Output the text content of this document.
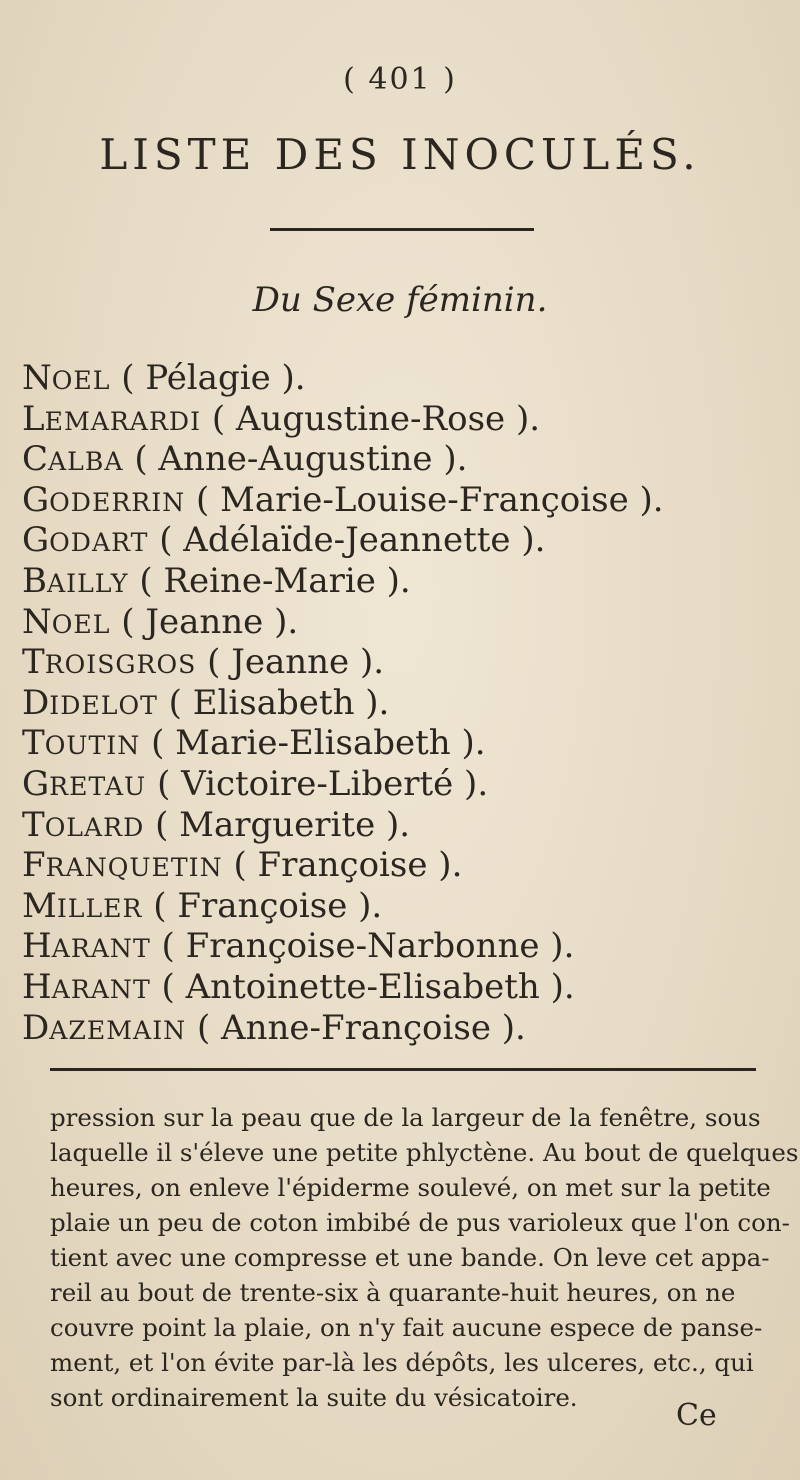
( 401 )
LISTE DES INOCULÉS.
Du Sexe féminin.
NOEL ( Pélagie ).
LEMARARDI ( Augustine-Rose ).
CALBA ( Anne-Augustine ).
GODERRIN ( Marie-Louise-Françoise ).
GODART ( Adélaïde-Jeannette ).
BAILLY ( Reine-Marie ).
NOEL ( Jeanne ).
TROISGROS ( Jeanne ).
DIDELOT ( Elisabeth ).
TOUTIN ( Marie-Elisabeth ).
GRETAU ( Victoire-Liberté ).
TOLARD ( Marguerite ).
FRANQUETIN ( Françoise ).
MILLER ( Françoise ).
HARANT ( Françoise-Narbonne ).
HARANT ( Antoinette-Elisabeth ).
DAZEMAIN ( Anne-Françoise ).
pression sur la peau que de la largeur de la fenêtre, sous
laquelle il s'éleve une petite phlyctène. Au bout de quelques
heures, on enleve l'épiderme soulevé, on met sur la petite
plaie un peu de coton imbibé de pus varioleux que l'on con-
tient avec une compresse et une bande. On leve cet appa-
reil au bout de trente-six à quarante-huit heures, on ne
couvre point la plaie, on n'y fait aucune espece de panse-
ment, et l'on évite par-là les dépôts, les ulceres, etc., qui
sont ordinairement la suite du vésicatoire.
Ce
